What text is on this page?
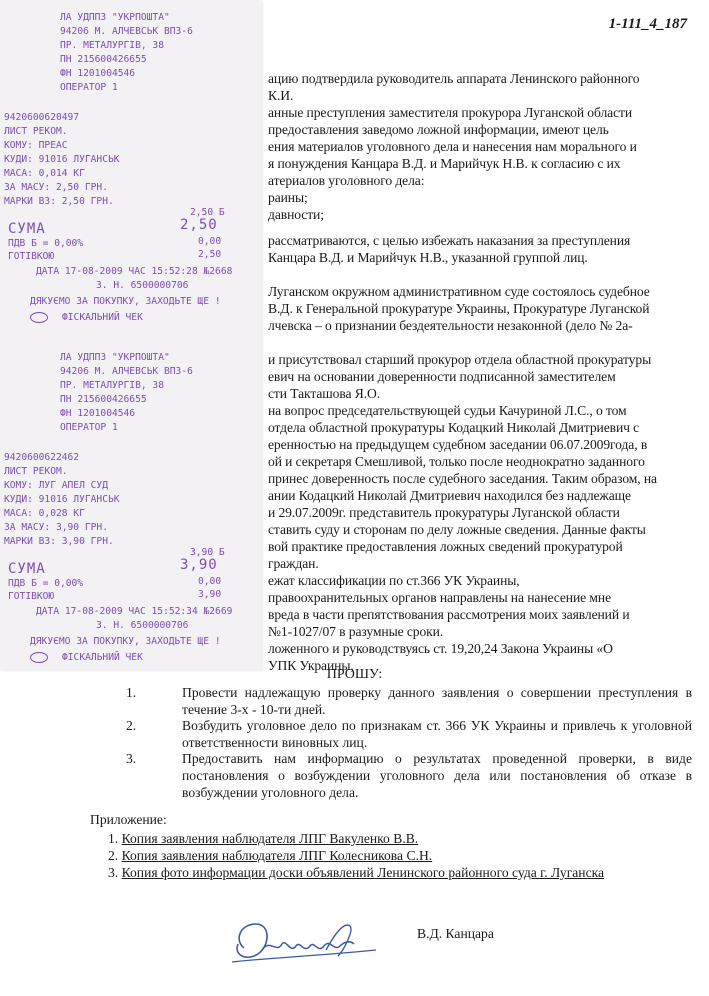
1-111_4_187
ацию подтвердила руководитель аппарата Ленинского районного
К.И.
анные преступления заместителя прокурора Луганской области
предоставления заведомо ложной информации, имеют цель
ения материалов уголовного дела и нанесения нам морального и
я понуждения Канцара В.Д. и Марийчук Н.В. к согласию с их
атериалов уголовного дела:
раины;
давности;
рассматриваются, с целью избежать наказания за преступления
Канцара В.Д. и Марийчук Н.В., указанной группой лиц.
Луганском окружном административном суде состоялось судебное
В.Д. к Генеральной прокуратуре Украины, Прокуратуре Луганской
лчевска – о признании бездеятельности незаконной (дело № 2а-
и присутствовал старший прокурор отдела областной прокуратуры
евич на основании доверенности подписанной заместителем
сти Такташова Я.О.
на вопрос председательствующей судьи Качуриной Л.С., о том
отдела областной прокуратуры Кодацкий Николай Дмитриевич с
еренностью на предыдущем судебном заседании 06.07.2009года, в
ой и секретаря Смешливой, только после неоднократно заданного
принес доверенность после судебного заседания. Таким образом, на
ании Кодацкий Николай Дмитриевич находился без надлежаще
и 29.07.2009г. представитель прокуратуры Луганской области
ставить суду и сторонам по делу ложные сведения. Данные факты
вой практике предоставления ложных сведений прокуратурой
граждан.
ежат классификации по ст.366 УК Украины,
правоохранительных органов направлены на нанесение мне
вреда в части препятствования рассмотрения моих заявлений и
№1-1027/07 в разумные сроки.
ложенного и руководствуясь ст. 19,20,24 Закона Украины «О
УПК Украины,
ЛА УДППЗ "УКРПОШТА"
94206 М. АЛЧЕВСЬК ВПЗ-6
ПР. МЕТАЛУРГІВ, 38
ПН 215600426655
ФН 1201004546
ОПЕРАТОР 1
9420600620497
ЛИСТ РЕКОМ.
КОМУ: ПРЕАС
КУДИ: 91016 ЛУГАНСЬК
МАСА: 0,014 КГ
ЗА МАСУ: 2,50 ГРН.
МАРКИ ВЗ: 2,50 ГРН.
2,50 Б
СУМА	2,50
ПДВ Б = 0,00%	0,00
ГОТІВКОЮ	2,50
ДАТА 17-08-2009 ЧАС 15:52:28 №2668
З. Н. 6500000706
ДЯКУЄМО ЗА ПОКУПКУ, ЗАХОДЬТЕ ЩЕ !
ФІСКАЛЬНИЙ ЧЕК
ЛА УДППЗ "УКРПОШТА"
94206 М. АЛЧЕВСЬК ВПЗ-6
ПР. МЕТАЛУРГІВ, 38
ПН 215600426655
ФН 1201004546
ОПЕРАТОР 1
9420600622462
ЛИСТ РЕКОМ.
КОМУ: ЛУГ АПЕЛ СУД
КУДИ: 91016 ЛУГАНСЬК
МАСА: 0,028 КГ
ЗА МАСУ: 3,90 ГРН.
МАРКИ ВЗ: 3,90 ГРН.
3,90 Б
СУМА	3,90
ПДВ Б = 0,00%	0,00
ГОТІВКОЮ	3,90
ДАТА 17-08-2009 ЧАС 15:52:34 №2669
З. Н. 6500000706
ДЯКУЄМО ЗА ПОКУПКУ, ЗАХОДЬТЕ ЩЕ !
ФІСКАЛЬНИЙ ЧЕК
ПРОШУ:
1.	Провести надлежащую проверку данного заявления о совершении преступления в течение 3-х - 10-ти дней.
2.	Возбудить уголовное дело по признакам ст. 366 УК Украины и привлечь к уголовной ответственности виновных лиц.
3.	Предоставить нам информацию о результатах проведенной проверки, в виде постановления о возбуждении уголовного дела или постановления об отказе в возбуждении уголовного дела.
Приложение:
1. Копия заявления наблюдателя ЛПГ Вакуленко В.В.
2. Копия заявления наблюдателя ЛПГ Колесникова С.Н.
3. Копия фото информации доски объявлений Ленинского районного суда г. Луганска
В.Д. Канцара
